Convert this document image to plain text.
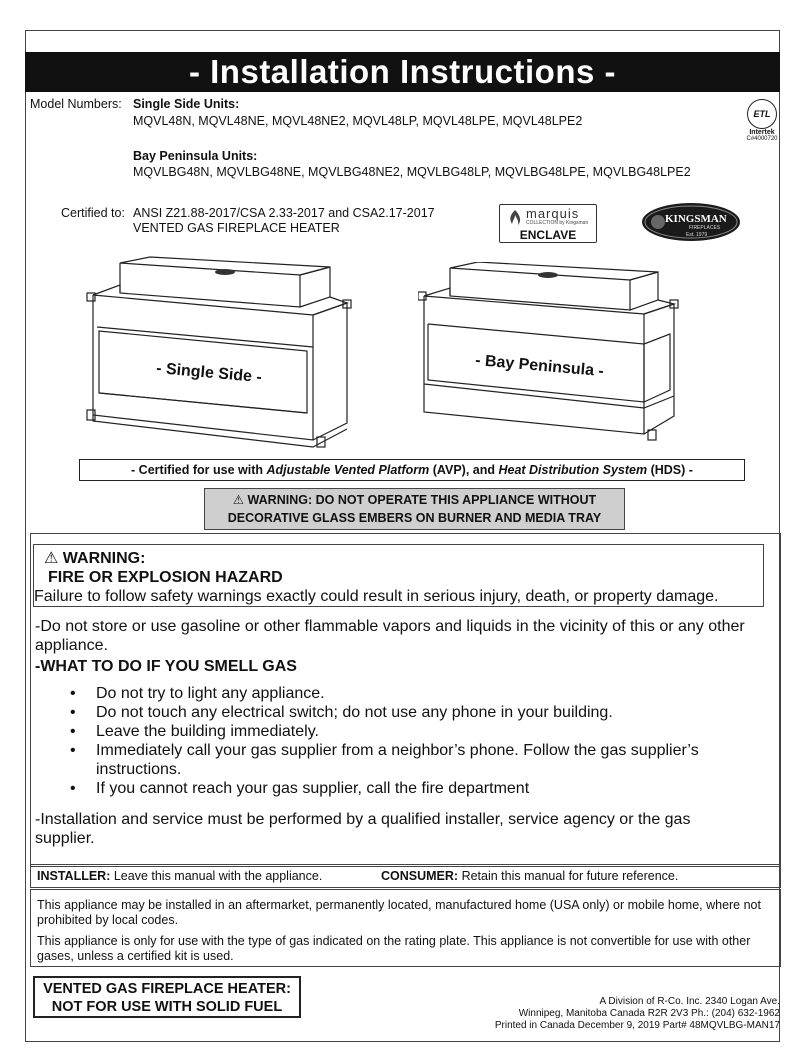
- Installation Instructions -
Model Numbers: Single Side Units:
MQVL48N, MQVL48NE, MQVL48NE2, MQVL48LP, MQVL48LPE, MQVL48LPE2
Bay Peninsula Units:
MQVLBG48N, MQVLBG48NE, MQVLBG48NE2, MQVLBG48LP, MQVLBG48LPE, MQVLBG48LPE2
ETL
Intertek
C#4000720
Certified to: ANSI Z21.88-2017/CSA 2.33-2017 and CSA2.17-2017
VENTED GAS FIREPLACE HEATER
marquis
COLLECTION by Kingsman
ENCLAVE
KINGSMAN
FIREPLACES
Est. 1979
- Single Side -	- Bay Peninsula -
- Certified for use with Adjustable Vented Platform (AVP), and Heat Distribution System (HDS) -
⚠ WARNING: DO NOT OPERATE THIS APPLIANCE WITHOUT
DECORATIVE GLASS EMBERS ON BURNER AND MEDIA TRAY
⚠ WARNING:
FIRE OR EXPLOSION HAZARD
Failure to follow safety warnings exactly could result in serious injury, death, or property damage.
-Do not store or use gasoline or other flammable vapors and liquids in the vicinity of this or any other appliance.
-WHAT TO DO IF YOU SMELL GAS
• Do not try to light any appliance.
• Do not touch any electrical switch; do not use any phone in your building.
• Leave the building immediately.
• Immediately call your gas supplier from a neighbor’s phone. Follow the gas supplier’s instructions.
• If you cannot reach your gas supplier, call the fire department
-Installation and service must be performed by a qualified installer, service agency or the gas supplier.
INSTALLER: Leave this manual with the appliance.	CONSUMER: Retain this manual for future reference.
This appliance may be installed in an aftermarket, permanently located, manufactured home (USA only) or mobile home, where not prohibited by local codes.
This appliance is only for use with the type of gas indicated on the rating plate. This appliance is not convertible for use with other gases, unless a certified kit is used.
VENTED GAS FIREPLACE HEATER:
NOT FOR USE WITH SOLID FUEL	A Division of R-Co. Inc. 2340 Logan Ave.
Winnipeg, Manitoba Canada R2R 2V3 Ph.: (204) 632-1962
Printed in Canada December 9, 2019 Part# 48MQVLBG-MAN17
